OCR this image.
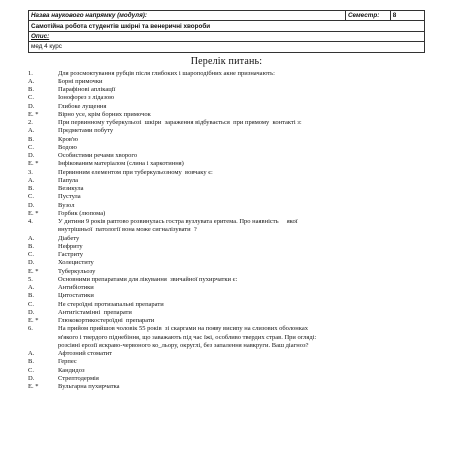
Назва наукового напрямку (модуля):	Семестр:	8
Самотійна робота студентів шкірні та венеричні хвороби
Опис:
мед 4 курс
Перелік питань:
1.	Для розсмоктування рубців після глибоких і шароподібних акне призначають:
A.	Борні примочки
B.	Парафінові аплікації
C.	Іонофорез з лідазою
D.	Глибоке лущення
E. *	Вірно усе, крім борних примочок
2.	При первинному туберкульозі  шкіри  зараження відбувається  при прямому  контакті з:
A.	Предметами побуту
B.	Кров'ю
C.	Водою
D.	Особистими речами хворого
E. *	Інфікованим матеріалом (слина і харкотиння)
3.	Первинним елементом при туберкульозному  вовчаку є:
A.	Папула
B.	Везикула
C.	Пустула
D.	Вузол
E. *	Горбик (люпома)
4.	У дитини 9 років раптово розвинулась гостра вузлувата еритема. Про наявність     якої
внутрішньої  патології вона може сигналізувати  ?
A.	Діабету
B.	Нефриту
C.	Гастриту
D.	Холециститу
E. *	Туберкульозу
5.	Основними препаратами для лікування  звичайної пухирчатки є:
A.	Антибіотики
B.	Цитостатики
C.	Не стероїдні протизапальні препарати
D.	Антигістамінні  препарати
E. *	Глюкокортикостероїдні  препарати
6.	На прийом прийшов чоловік 55 років  зі скаргами на появу висипу на слизових оболонках
м'якого і твердого піднебіння, що заважають під час їжі, особливо твердих страв. При огляді:
розсіяні ерозії яскраво-червоного ко_льору, округлі, без запалення навкруги. Ваш діагноз?
A.	Афтозний стоматит
B.	Герпес
C.	Кандидоз
D.	Стрептодермія
E. *	Вульгарна пухирчатка
